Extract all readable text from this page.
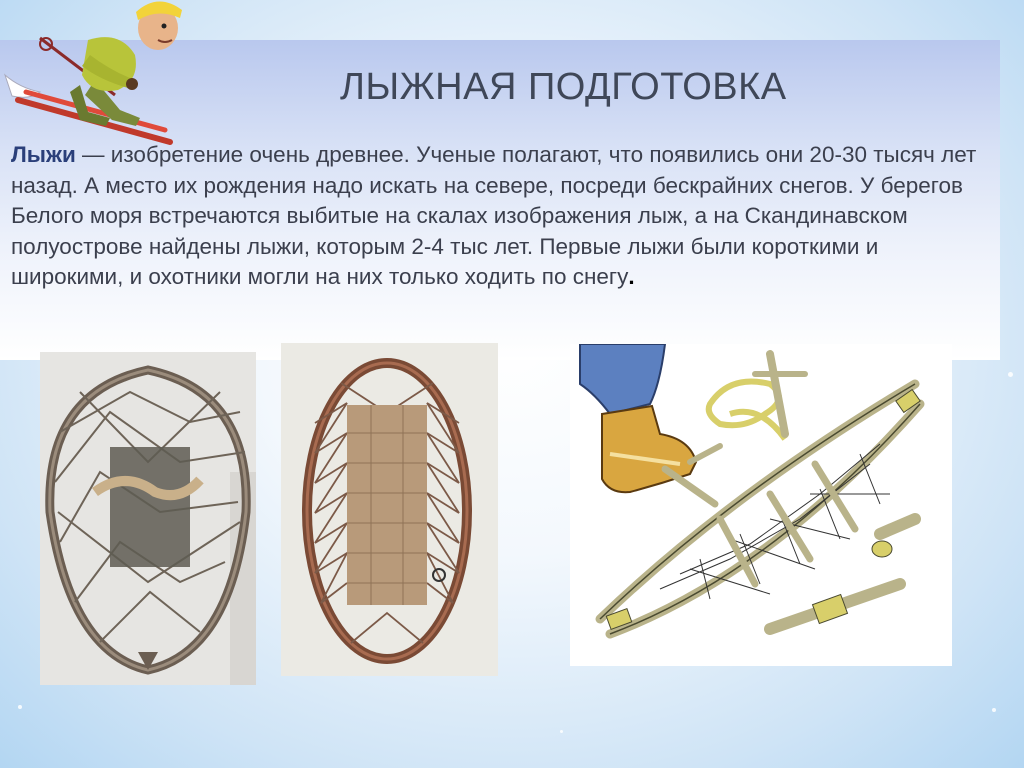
ЛЫЖНАЯ ПОДГОТОВКА
Лыжи — изобретение очень древнее. Ученые полагают, что появились они 20-30 тысяч лет назад. А место их рождения надо искать на севере, посреди бескрайних снегов. У берегов Белого моря встречаются выбитые на скалах изображения лыж, а на Скандинавском полуострове найдены лыжи, которым 2-4 тыс лет. Первые лыжи были короткими и широкими, и охотники могли на них только ходить по снегу.
